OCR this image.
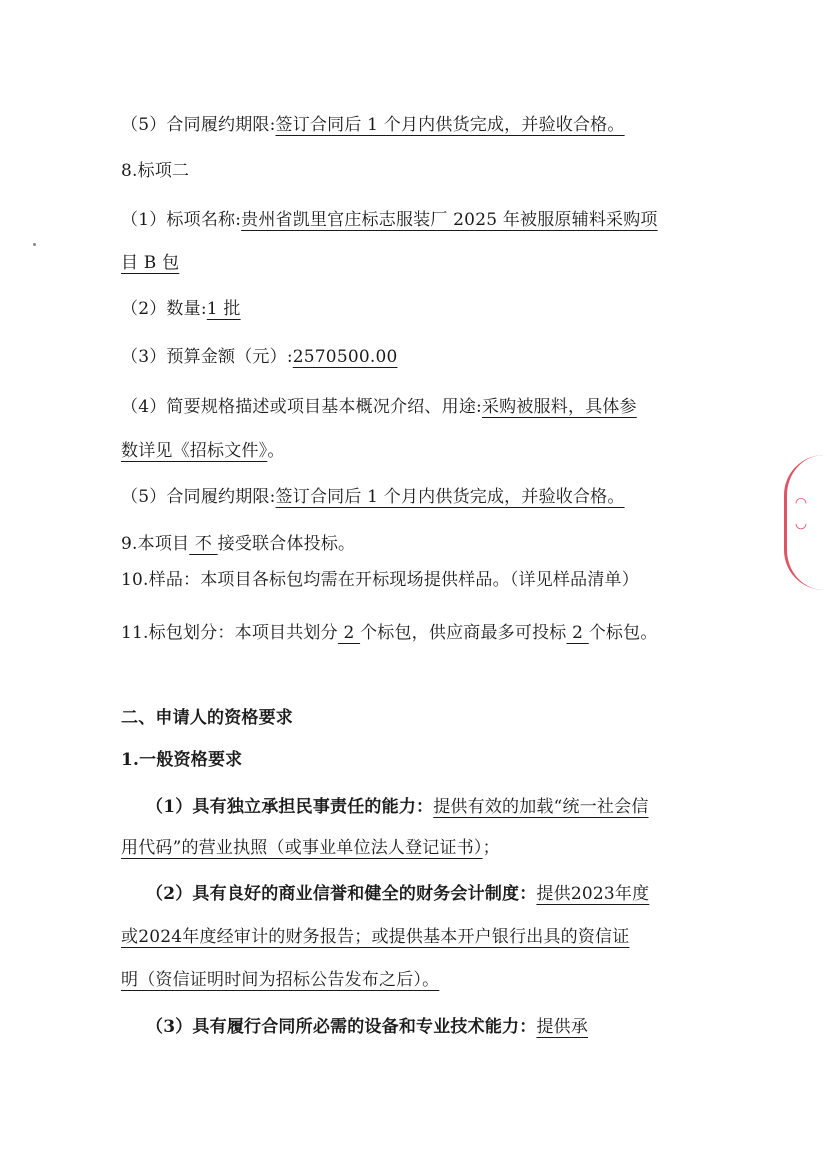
（5）合同履约期限:签订合同后 1 个月内供货完成，并验收合格。
8.标项二
（1）标项名称:贵州省凯里官庄标志服装厂 2025 年被服原辅料采购项
目 B 包
（2）数量:1 批
（3）预算金额（元）:2570500.00
（4）简要规格描述或项目基本概况介绍、用途:采购被服料，具体参
数详见《招标文件》。
（5）合同履约期限:签订合同后 1 个月内供货完成，并验收合格。
9.本项目 不 接受联合体投标。
10.样品：本项目各标包均需在开标现场提供样品。（详见样品清单）
11.标包划分：本项目共划分 2 个标包，供应商最多可投标 2 个标包。
二、申请人的资格要求
1.一般资格要求
（1）具有独立承担民事责任的能力：提供有效的加载“统一社会信
用代码”的营业执照（或事业单位法人登记证书）；
（2）具有良好的商业信誉和健全的财务会计制度：提供2023年度
或2024年度经审计的财务报告；或提供基本开户银行出具的资信证
明（资信证明时间为招标公告发布之后）。
（3）具有履行合同所必需的设备和专业技术能力：提供承
◠ ◡
